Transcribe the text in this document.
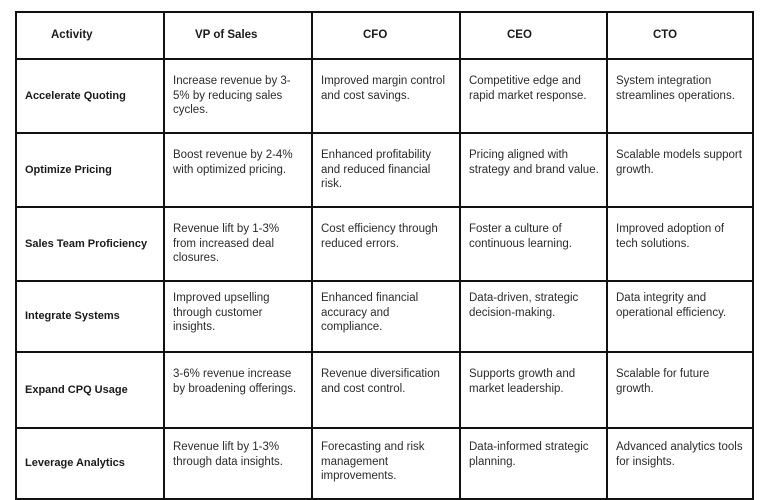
Activity	VP of Sales	CFO	CEO	CTO

Accelerate Quoting	Increase revenue by 3-5% by reducing sales cycles.	Improved margin control and cost savings.	Competitive edge and rapid market response.	System integration streamlines operations.
Optimize Pricing	Boost revenue by 2-4% with optimized pricing.	Enhanced profitability and reduced financial risk.	Pricing aligned with strategy and brand value.	Scalable models support growth.
Sales Team Proficiency	Revenue lift by 1-3% from increased deal closures.	Cost efficiency through reduced errors.	Foster a culture of continuous learning.	Improved adoption of tech solutions.
Integrate Systems	Improved upselling through customer insights.	Enhanced financial accuracy and compliance.	Data-driven, strategic decision-making.	Data integrity and operational efficiency.
Expand CPQ Usage	3-6% revenue increase by broadening offerings.	Revenue diversification and cost control.	Supports growth and market leadership.	Scalable for future growth.
Leverage Analytics	Revenue lift by 1-3% through data insights.	Forecasting and risk management improvements.	Data-informed strategic planning.	Advanced analytics tools for insights.
